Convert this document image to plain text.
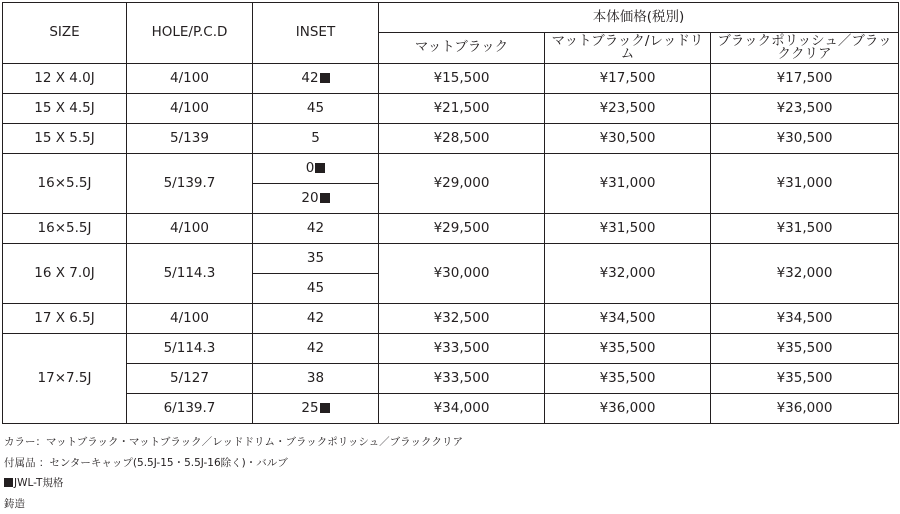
SIZE	HOLE/P.C.D	INSET	本体価格(税別)		
			マットブラック	マットブラック/レッドリム	ブラックポリッシュ／ブラッククリア
12 X 4.0J	4/100	42	¥15,500	¥17,500	¥17,500
15 X 4.5J	4/100	45	¥21,500	¥23,500	¥23,500
15 X 5.5J	5/139	5	¥28,500	¥30,500	¥30,500
16×5.5J	5/139.7	0	¥29,000	¥31,000	¥31,000
		20			
16×5.5J	4/100	42	¥29,500	¥31,500	¥31,500
16 X 7.0J	5/114.3	35	¥30,000	¥32,000	¥32,000
		45			
17 X 6.5J	4/100	42	¥32,500	¥34,500	¥34,500
17×7.5J	5/114.3	42	¥33,500	¥35,500	¥35,500
	5/127	38	¥33,500	¥35,500	¥35,500
	6/139.7	25	¥34,000	¥36,000	¥36,000
カラー：マットブラック・マットブラック／レッドドリム・ブラックポリッシュ／ブラッククリア
付属品 ：センターキャップ(5.5J-15・5.5J-16除く)・バルブ
JWL-T規格
鋳造
